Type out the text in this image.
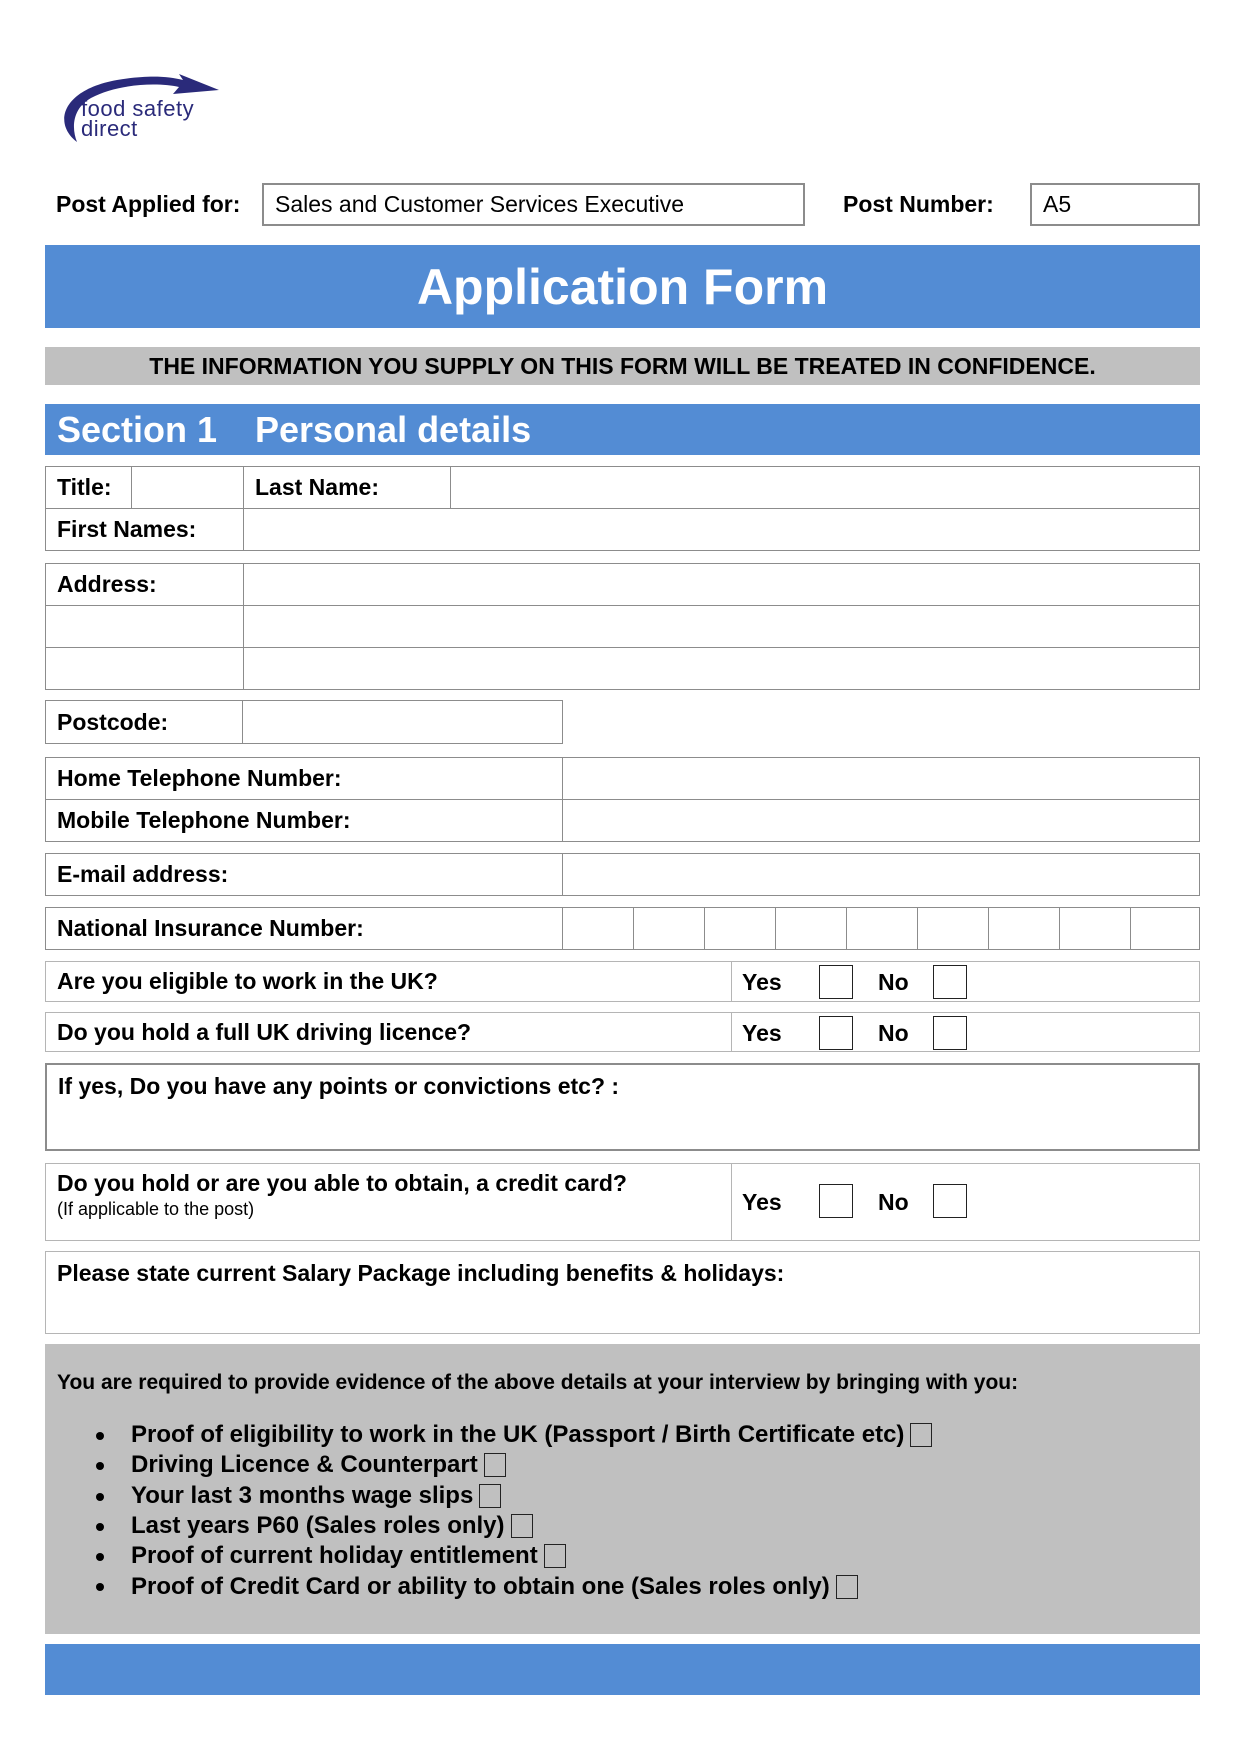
food safety
direct
Post Applied for: Sales and Customer Services Executive	Post Number: A5
Application Form
THE INFORMATION YOU SUPPLY ON THIS FORM WILL BE TREATED IN CONFIDENCE.
Section 1	Personal details
Title:	Last Name:
First Names:
Address:
Postcode:
Home Telephone Number:
Mobile Telephone Number:
E-mail address:
National Insurance Number:
Are you eligible to work in the UK?	Yes	No
Do you hold a full UK driving licence?	Yes	No
If yes, Do you have any points or convictions etc? :
Do you hold or are you able to obtain, a credit card?
(If applicable to the post)	Yes	No
Please state current Salary Package including benefits & holidays:
You are required to provide evidence of the above details at your interview by bringing with you:
Proof of eligibility to work in the UK (Passport / Birth Certificate etc)
Driving Licence & Counterpart
Your last 3 months wage slips
Last years P60 (Sales roles only)
Proof of current holiday entitlement
Proof of Credit Card or ability to obtain one (Sales roles only)
